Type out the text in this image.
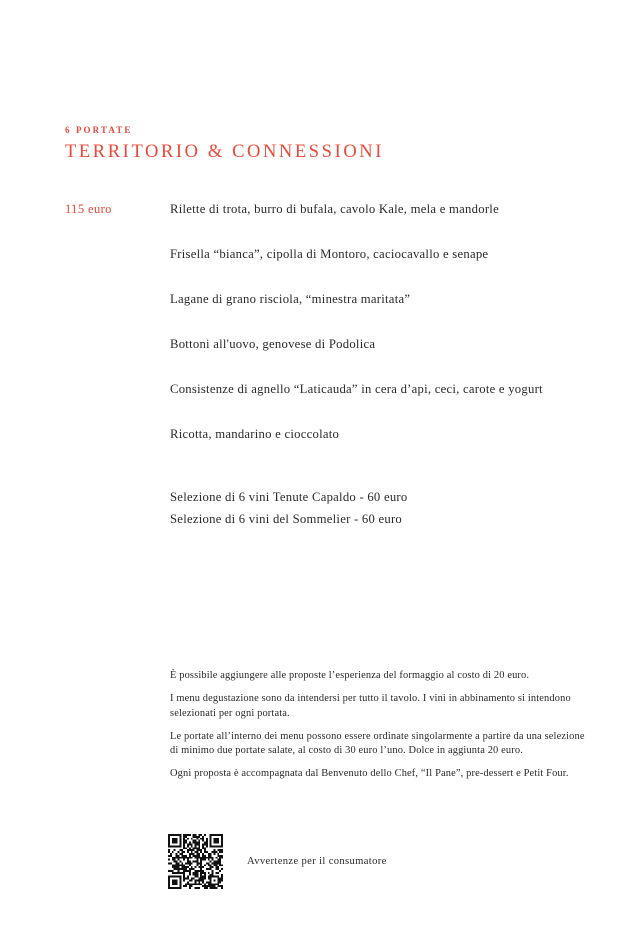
6 PORTATE
TERRITORIO & CONNESSIONI
115 euro	Rilette di trota, burro di bufala, cavolo Kale, mela e mandorle
Frisella “bianca”, cipolla di Montoro, caciocavallo e senape
Lagane di grano risciola, “minestra maritata”
Bottoni all'uovo, genovese di Podolica
Consistenze di agnello “Laticauda” in cera d’api, ceci, carote e yogurt
Ricotta, mandarino e cioccolato
Selezione di 6 vini Tenute Capaldo - 60 euro
Selezione di 6 vini del Sommelier - 60 euro
È possibile aggiungere alle proposte l’esperienza del formaggio al costo di 20 euro.
I menu degustazione sono da intendersi per tutto il tavolo. I vini in abbinamento si intendono selezionati per ogni portata.
Le portate all’interno dei menu possono essere ordinate singolarmente a partire da una selezione di minimo due portate salate, al costo di 30 euro l’uno. Dolce in aggiunta 20 euro.
Ogni proposta è accompagnata dal Benvenuto dello Chef, “Il Pane”, pre-dessert e Petit Four.
Avvertenze per il consumatore
